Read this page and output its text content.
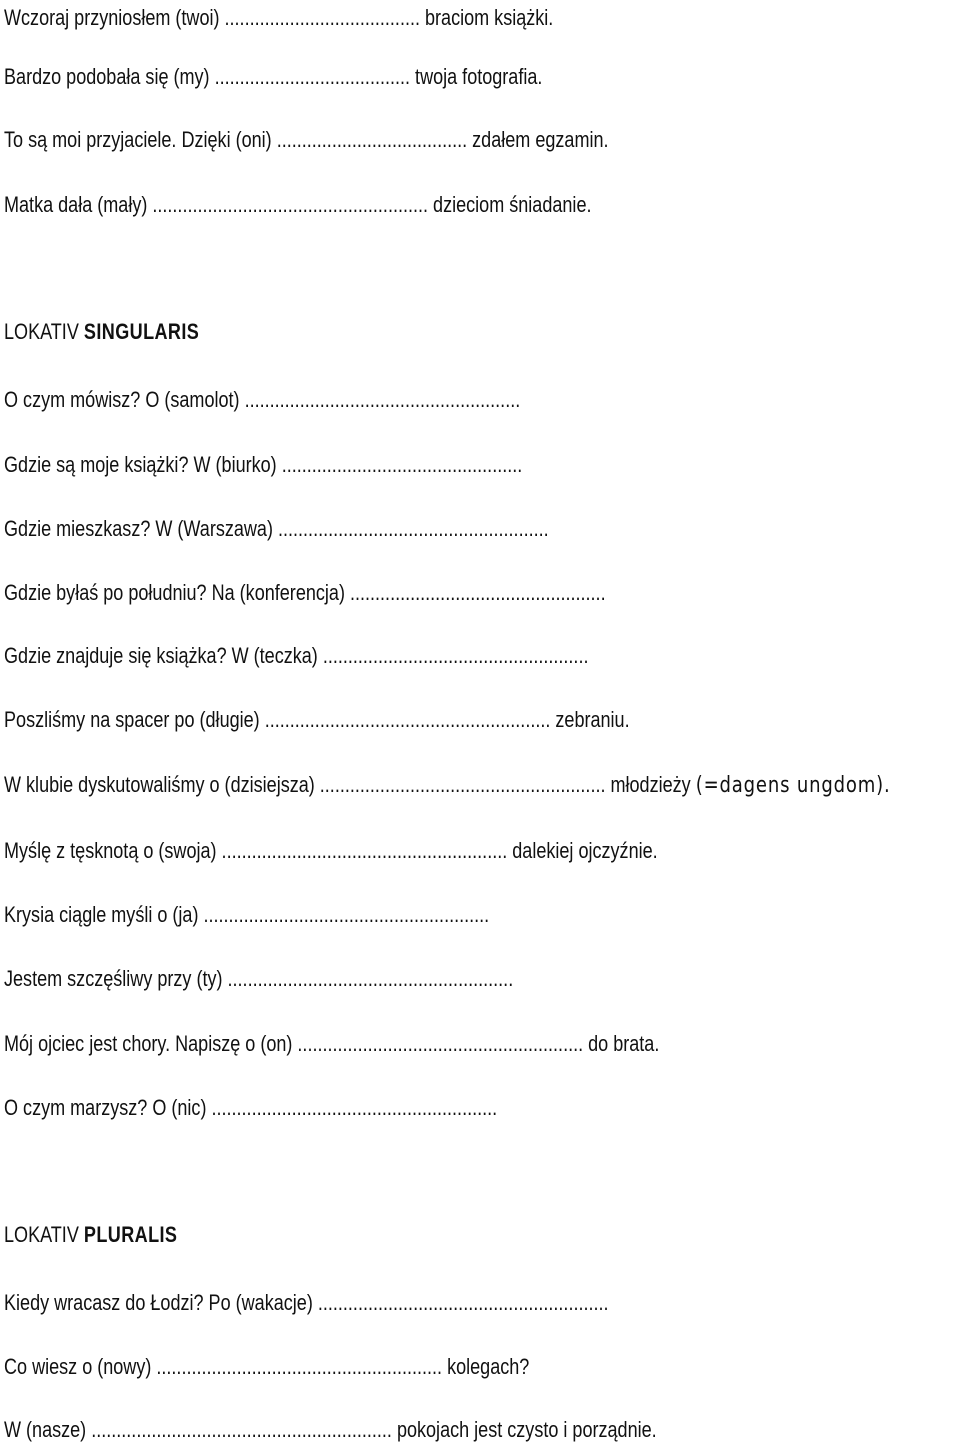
Wczoraj przyniosłem (twoi) ....................................... braciom książki.
Bardzo podobała się (my) ....................................... twoja fotografia.
To są moi przyjaciele. Dzięki (oni) ...................................... zdałem egzamin.
Matka dała (mały) ....................................................... dzieciom śniadanie.
LOKATIV SINGULARIS
O czym mówisz? O (samolot) .......................................................
Gdzie są moje książki? W (biurko) ................................................
Gdzie mieszkasz? W (Warszawa) ......................................................
Gdzie byłaś po południu? Na (konferencja) ...................................................
Gdzie znajduje się książka? W (teczka) .....................................................
Poszliśmy na spacer po (długie) ......................................................... zebraniu.
W klubie dyskutowaliśmy o (dzisiejsza) ......................................................... młodzieży (=dagens ungdom).
Myślę z tęsknotą o (swoja) ......................................................... dalekiej ojczyźnie.
Krysia ciągle myśli o (ja) .........................................................
Jestem szczęśliwy przy (ty) .........................................................
Mój ojciec jest chory. Napiszę o (on) ......................................................... do brata.
O czym marzysz? O (nic) .........................................................
LOKATIV PLURALIS
Kiedy wracasz do Łodzi? Po (wakacje) ..........................................................
Co wiesz o (nowy) ......................................................... kolegach?
W (nasze) ............................................................ pokojach jest czysto i porządnie.
